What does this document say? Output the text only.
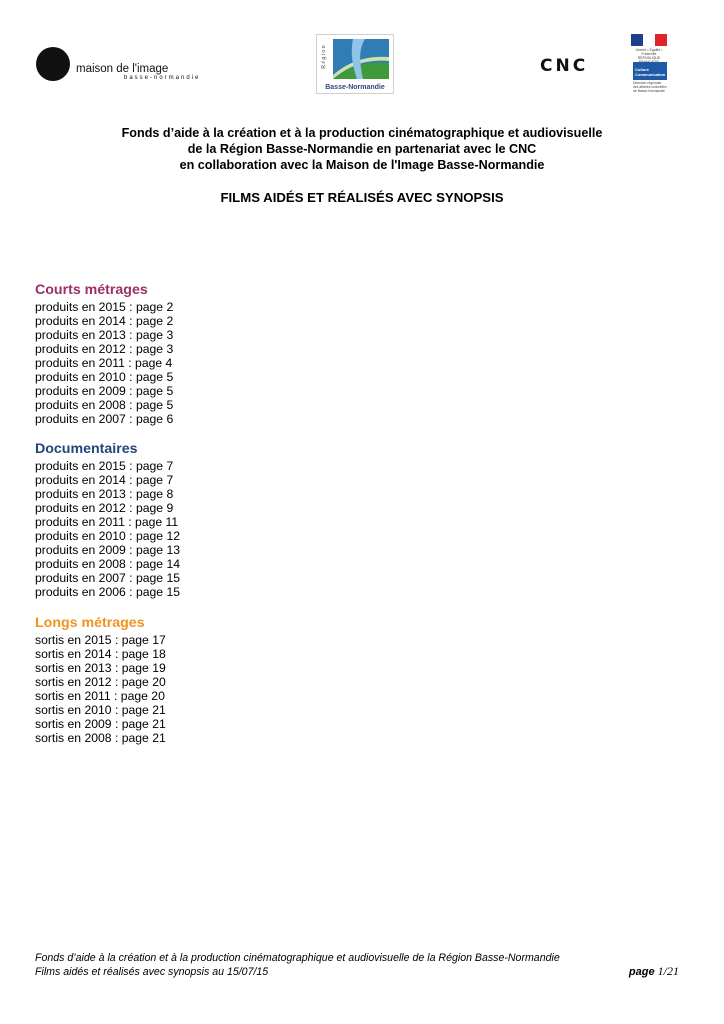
maison de l'image
basse-normandie
Région
Basse-Normandie
CNC
Liberté • Égalité • Fraternité RÉPUBLIQUE
Culture Communication
Direction régionale des affaires culturelles de Basse-Normandie
Fonds d’aide à la création et à la production cinématographique et audiovisuelle
de la Région Basse-Normandie en partenariat avec le CNC
en collaboration avec la Maison de l'Image Basse-Normandie
FILMS AIDÉS ET RÉALISÉS AVEC SYNOPSIS
Courts métrages
produits en 2015 : page 2
produits en 2014 : page 2
produits en 2013 : page 3
produits en 2012 : page 3
produits en 2011 : page 4
produits en 2010 : page 5
produits en 2009 : page 5
produits en 2008 : page 5
produits en 2007 : page 6
Documentaires
produits en 2015 : page 7
produits en 2014 : page 7
produits en 2013 : page 8
produits en 2012 : page 9
produits en 2011 : page 11
produits en 2010 : page 12
produits en 2009 : page 13
produits en 2008 : page 14
produits en 2007 : page 15
produits en 2006 : page 15
Longs métrages
sortis en 2015 : page 17
sortis en 2014 : page 18
sortis en 2013 : page 19
sortis en 2012 : page 20
sortis en 2011 : page 20
sortis en 2010 : page 21
sortis en 2009 : page 21
sortis en 2008 : page 21
Fonds d’aide à la création et à la production cinématographique et audiovisuelle de la Région Basse-Normandie
Films aidés et réalisés avec synopsis au 15/07/15	page 1/21
